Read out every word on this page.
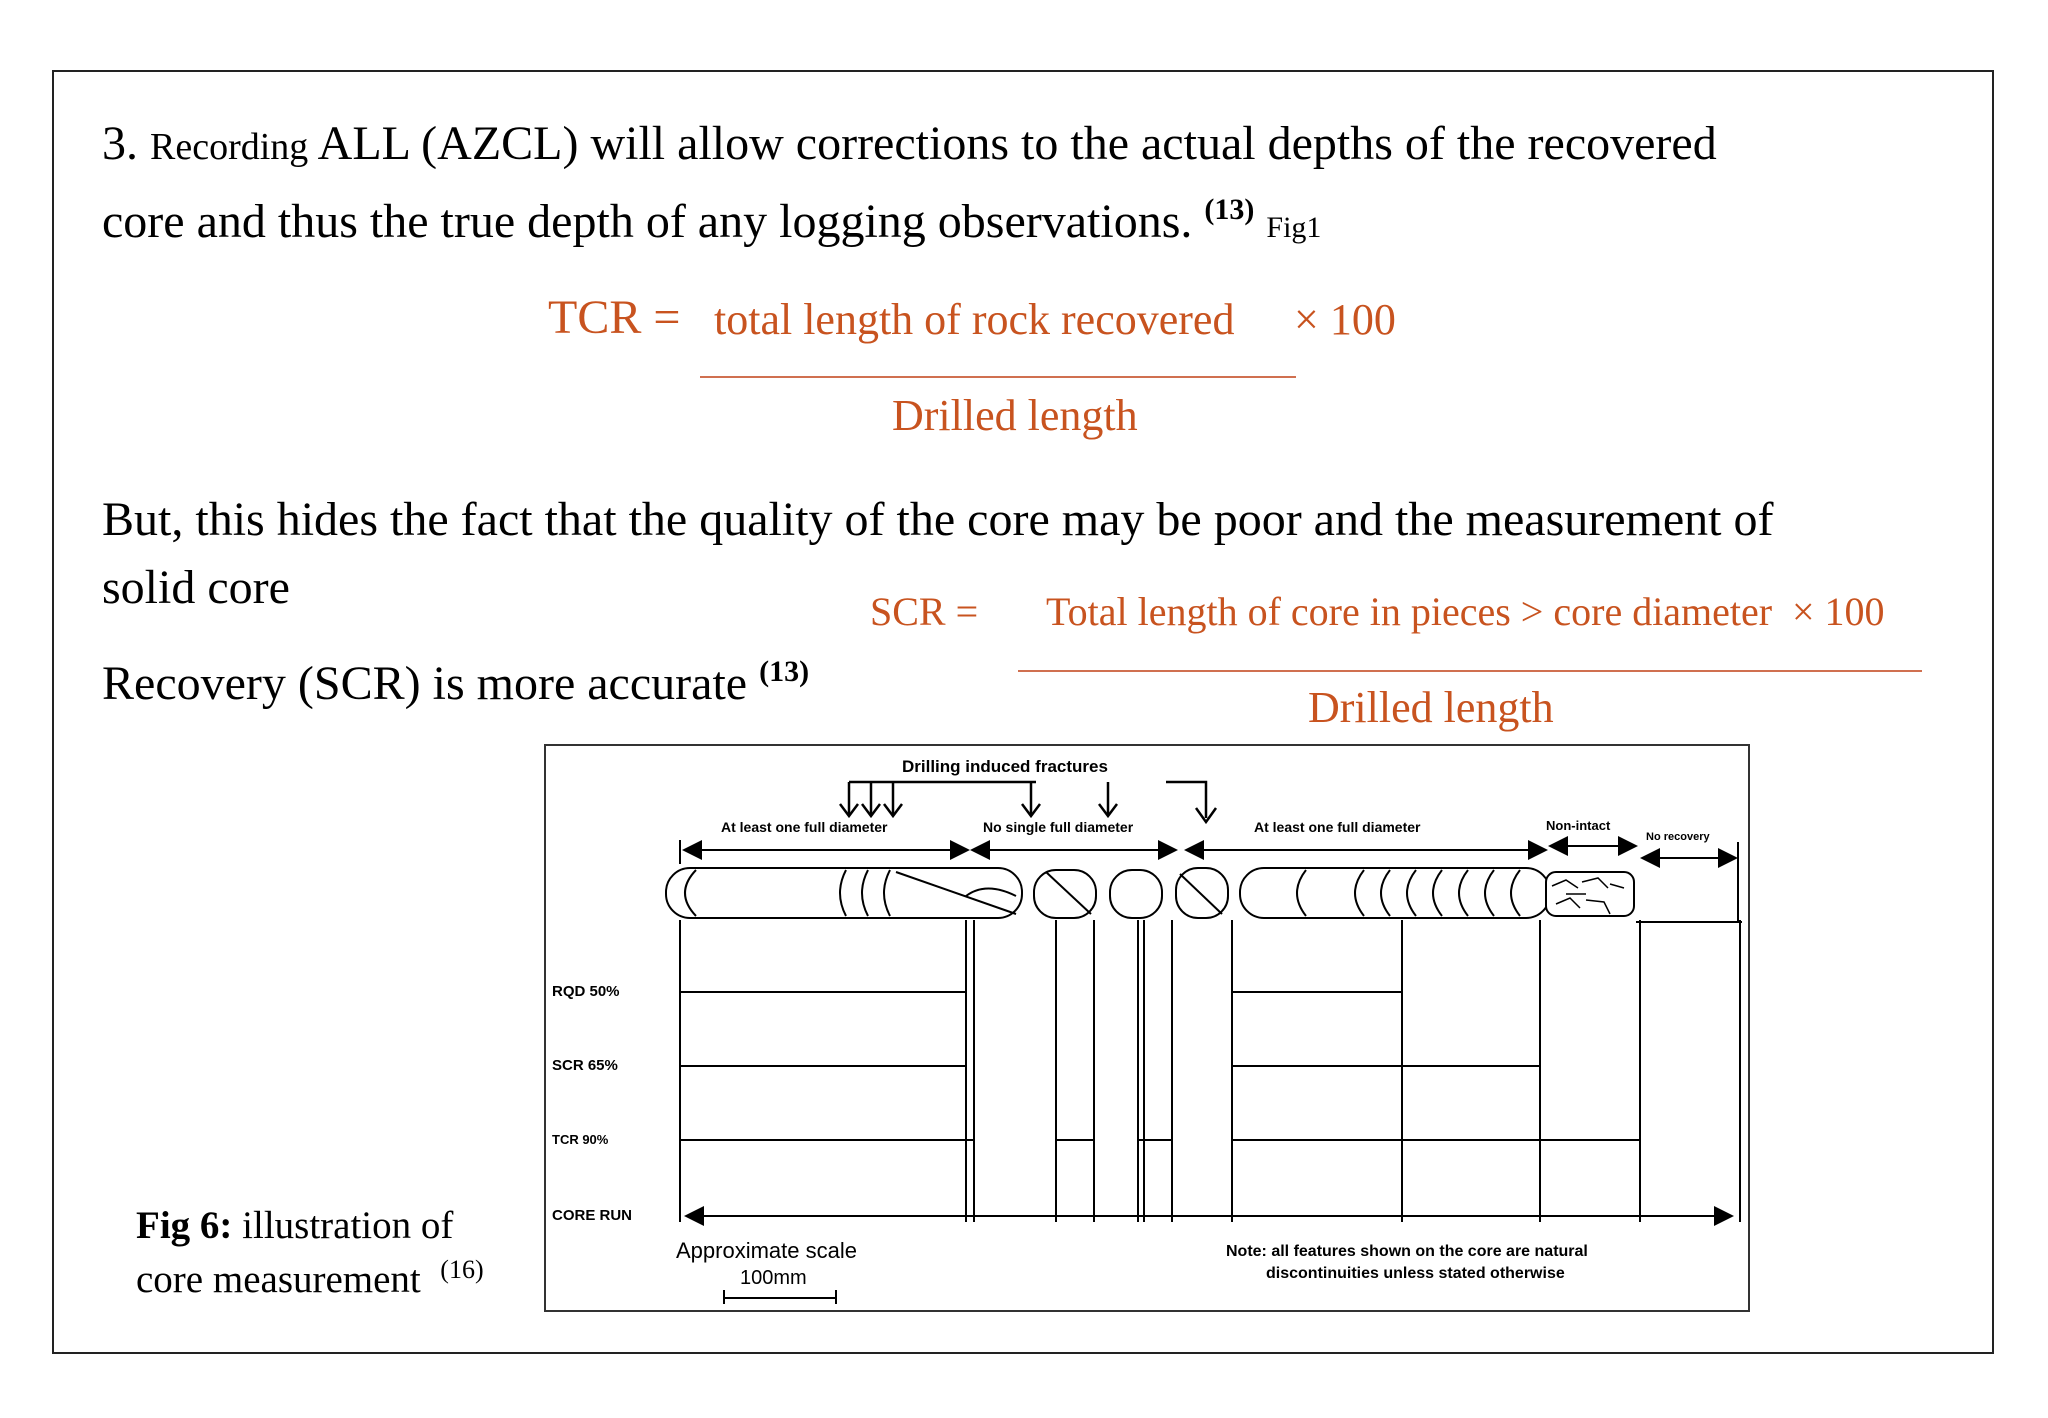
3. Recording ALL (AZCL) will allow corrections to the actual depths of the recovered
core and thus the true depth of any logging observations. $^{(13)}$ Fig1
TCR = total length of rock recovered × 100
Drilled length
But, this hides the fact that the quality of the core may be poor and the measurement of
solid core
Recovery (SCR) is more accurate $^{(13)}$
SCR = Total length of core in pieces > core diameter × 100
Drilled length
Drilling induced fractures
At least one full diameter	No single full diameter	At least one full diameter	Non-intact
No recovery
RQD 50%
SCR 65%
TCR 90%
CORE RUN
Approximate scale
100mm
Note: all features shown on the core are natural
discontinuities unless stated otherwise
Fig 6: illustration of
core measurement $^{(16)}$
